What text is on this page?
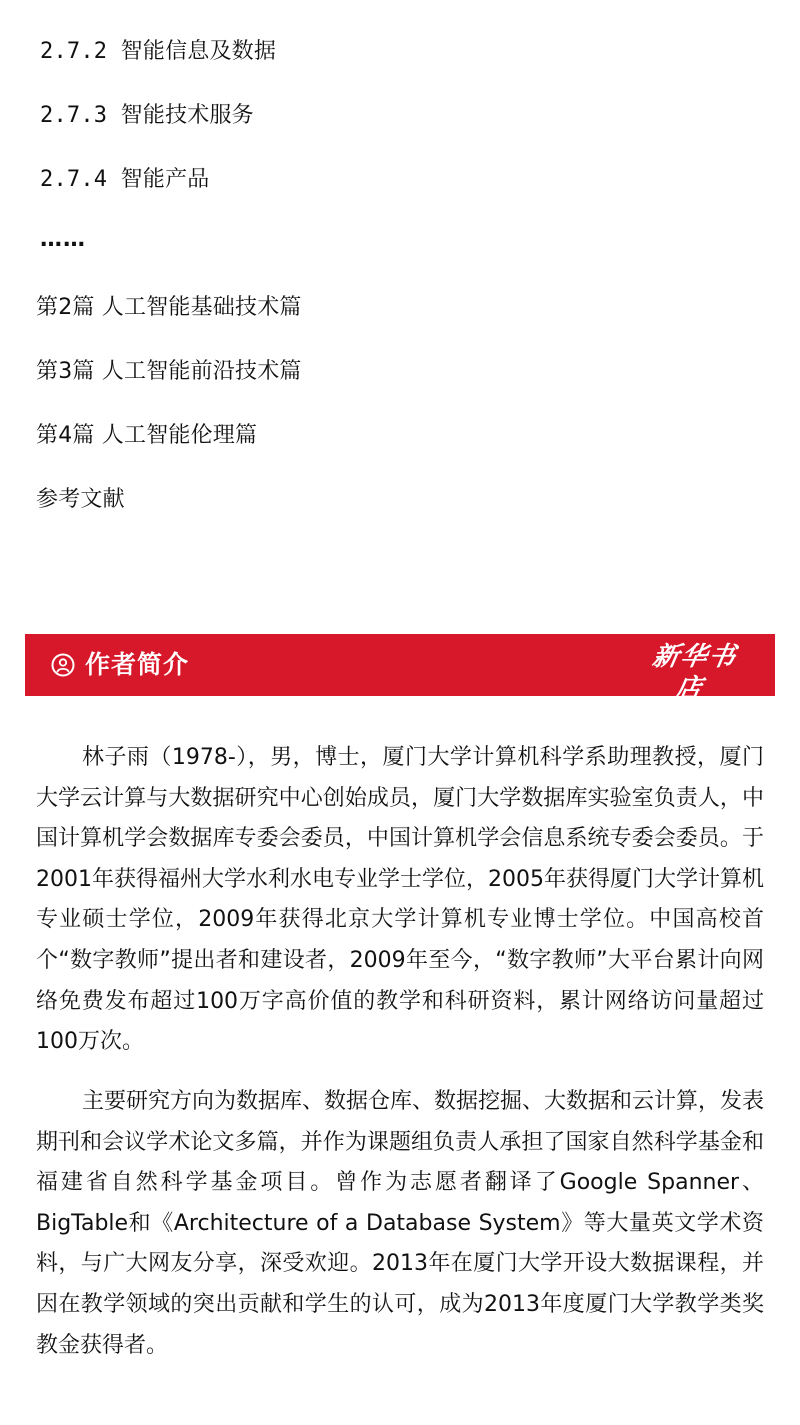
2.7.2 智能信息及数据
2.7.3 智能技术服务
2.7.4 智能产品
……
第2篇 人工智能基础技术篇
第3篇 人工智能前沿技术篇
第4篇 人工智能伦理篇
参考文献
作者简介	新华书店
XINHUA BOOKSTORE

林子雨（1978-），男，博士，厦门大学计算机科学系助理教授，厦门大学云计算与大数据研究中心创始成员，厦门大学数据库实验室负责人，中国计算机学会数据库专委会委员，中国计算机学会信息系统专委会委员。于2001年获得福州大学水利水电专业学士学位，2005年获得厦门大学计算机专业硕士学位，2009年获得北京大学计算机专业博士学位。中国高校首个“数字教师”提出者和建设者，2009年至今，“数字教师”大平台累计向网络免费发布超过100万字高价值的教学和科研资料，累计网络访问量超过100万次。

主要研究方向为数据库、数据仓库、数据挖掘、大数据和云计算，发表期刊和会议学术论文多篇，并作为课题组负责人承担了国家自然科学基金和福建省自然科学基金项目。曾作为志愿者翻译了Google Spanner、BigTable和《Architecture of a Database System》等大量英文学术资料，与广大网友分享，深受欢迎。2013年在厦门大学开设大数据课程，并因在教学领域的突出贡献和学生的认可，成为2013年度厦门大学教学类奖教金获得者。
